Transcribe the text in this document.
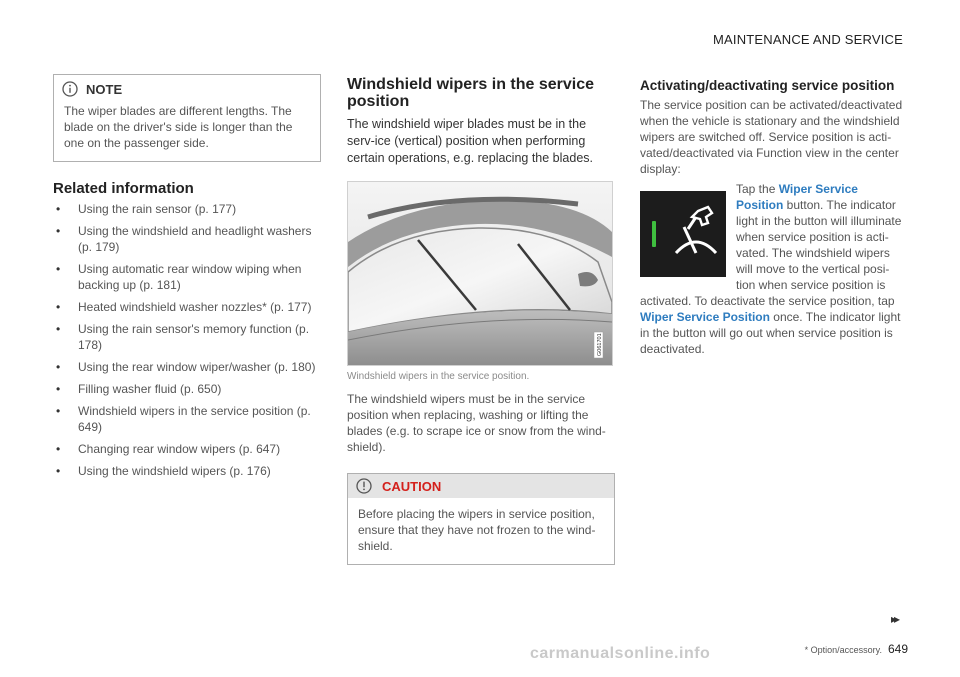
MAINTENANCE AND SERVICE
NOTE
The wiper blades are different lengths. The blade on the driver's side is longer than the one on the passenger side.
Related information
• Using the rain sensor (p. 177)
• Using the windshield and headlight washers (p. 179)
• Using automatic rear window wiping when backing up (p. 181)
• Heated windshield washer nozzles* (p. 177)
• Using the rain sensor's memory function (p. 178)
• Using the rear window wiper/washer (p. 180)
• Filling washer fluid (p. 650)
• Windshield wipers in the service position (p. 649)
• Changing rear window wipers (p. 647)
• Using the windshield wipers (p. 176)
Windshield wipers in the service position
The windshield wiper blades must be in the serv-ice (vertical) position when performing certain operations, e.g. replacing the blades.
G061701
Windshield wipers in the service position.
The windshield wipers must be in the service position when replacing, washing or lifting the blades (e.g. to scrape ice or snow from the wind-shield).
CAUTION
Before placing the wipers in service position, ensure that they have not frozen to the wind-shield.
Activating/deactivating service position
The service position can be activated/deactivated when the vehicle is stationary and the windshield wipers are switched off. Service position is acti-vated/deactivated via Function view in the center display:
Tap the Wiper Service Position button. The indicator light in the button will illuminate when service position is acti-vated. The windshield wipers will move to the vertical posi-tion when service position is activated. To deactivate the service position, tap Wiper Service Position once. The indicator light in the button will go out when service position is deactivated.
▸▸
* Option/accessory. 649
carmanualsonline.info
